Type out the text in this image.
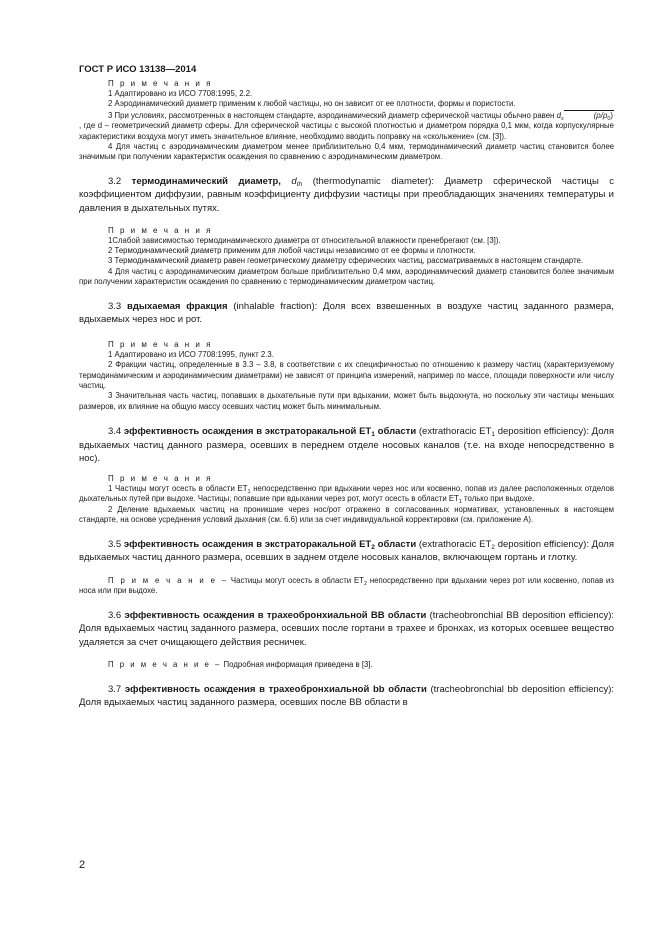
ГОСТ Р ИСО 13138—2014

П р и м е ч а н и я

1 Адаптировано из ИСО 7708:1995, 2.2.

2 Аэродинамический диаметр применим к любой частицы, но он зависит от ее плотности, формы и пористости.

3 При условиях, рассмотренных в настоящем стандарте, аэродинамический диаметр сферической частицы обычно равен $d_s$	$(\rho/\rho_0)$, где d – геометрический диаметр сферы. Для сферической частицы с высокой плотностью и диаметром порядка 0,1 мкм, когда корпускулярные характеристики воздуха могут иметь значительное влияние, необходимо вводить поправку на «скольжение» (см. [3]).

4 Для частиц с аэродинамическим диаметром менее приблизительно 0,4 мкм, термодинамический диаметр частиц становится более значимым при получении характеристик осаждения по сравнению с аэродинамическим диаметром.

3.2 термодинамический диаметр, $d_{th}$ (thermodynamic diameter): Диаметр сферической частицы с коэффициентом диффузии, равным коэффициенту диффузии частицы при преобладающих значениях температуры и давления в дыхательных путях.

П р и м е ч а н и я

1Слабой зависимостью термодинамического диаметра от относительной влажности пренебрегают (см. [3]).

2 Термодинамический диаметр применим для любой частицы независимо от ее формы и плотности.

3 Термодинамический диаметр равен геометрическому диаметру сферических частиц, рассматриваемых в настоящем стандарте.

4 Для частиц с аэродинамическим диаметром больше приблизительно 0,4 мкм, аэродинамический диаметр становится более значимым при получении характеристик осаждения по сравнению с термодинамическим диаметром частиц.

3.3 вдыхаемая фракция (inhalable fraction): Доля всех взвешенных в воздухе частиц заданного размера, вдыхаемых через нос и рот.

П р и м е ч а н и я

1 Адаптировано из ИСО 7708:1995, пункт 2.3.

2 Фракции частиц, определенные в 3.3 – 3.8, в соответствии с их специфичностью по отношению к размеру частиц (характеризуемому термодинамическим и аэродинамическим диаметрами) не зависят от принципа измерений, например по массе, площади поверхности или числу частиц.

3 Значительная часть частиц, попавших в дыхательные пути при вдыхании, может быть выдохнута, но поскольку эти частицы меньших размеров, их влияние на общую массу осевших частиц может быть минимальным.

3.4 эффективность осаждения в экстраторакальной $ET_1$ области (extrathoracic $ET_1$ deposition efficiency): Доля вдыхаемых частиц данного размера, осевших в переднем отделе носовых каналов (т.е. на входе непосредственно в нос).

П р и м е ч а н и я

1 Частицы могут осесть в области $ET_1$ непосредственно при вдыхании через нос или косвенно, попав из далее расположенных отделов дыхательных путей при выдохе. Частицы, попавшие при вдыхании через рот, могут осесть в области $ET_1$ только при выдохе.

2 Деление вдыхаемых частиц на проникшие через нос/рот отражено в согласованных нормативах, установленных в настоящем стандарте, на основе усреднения условий дыхания (см. 6.6) или за счет индивидуальной корректировки (см. приложение А).

3.5 эффективность осаждения в экстраторакальной $ET_2$ области (extrathoracic $ET_2$ deposition efficiency): Доля вдыхаемых частиц данного размера, осевших в заднем отделе носовых каналов, включающем гортань и глотку.

П р и м е ч а н и е – Частицы могут осесть в области $ET_2$ непосредственно при вдыхании через рот или косвенно, попав из носа или при выдохе.

3.6 эффективность осаждения в трахеобронхиальной BB области (tracheobronchial BB deposition efficiency): Доля вдыхаемых частиц заданного размера, осевших после гортани в трахее и бронхах, из которых осевшее вещество удаляется за счет очищающего действия ресничек.

П р и м е ч а н и е – Подробная информация приведена в [3].

3.7 эффективность осаждения в трахеобронхиальной bb области (tracheobronchial bb deposition efficiency): Доля вдыхаемых частиц заданного размера, осевших после BB области в

2
